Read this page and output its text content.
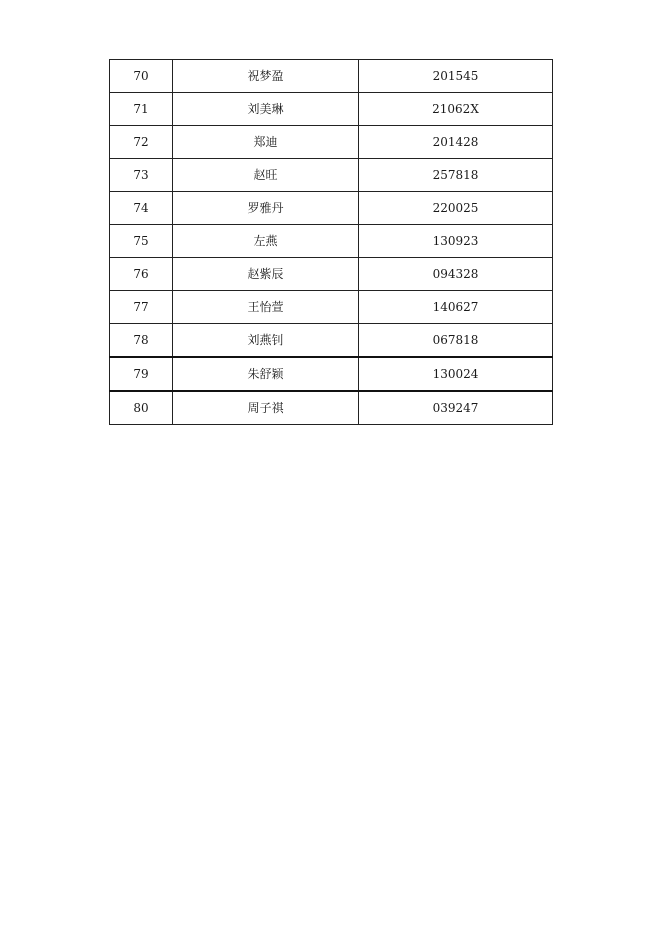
70	祝梦盈	201545
71	刘美琳	21062X
72	郑迪	201428
73	赵旺	257818
74	罗雅丹	220025
75	左燕	130923
76	赵紫辰	094328
77	王怡萱	140627
78	刘燕钊	067818
79	朱舒颖	130024
80	周子祺	039247
